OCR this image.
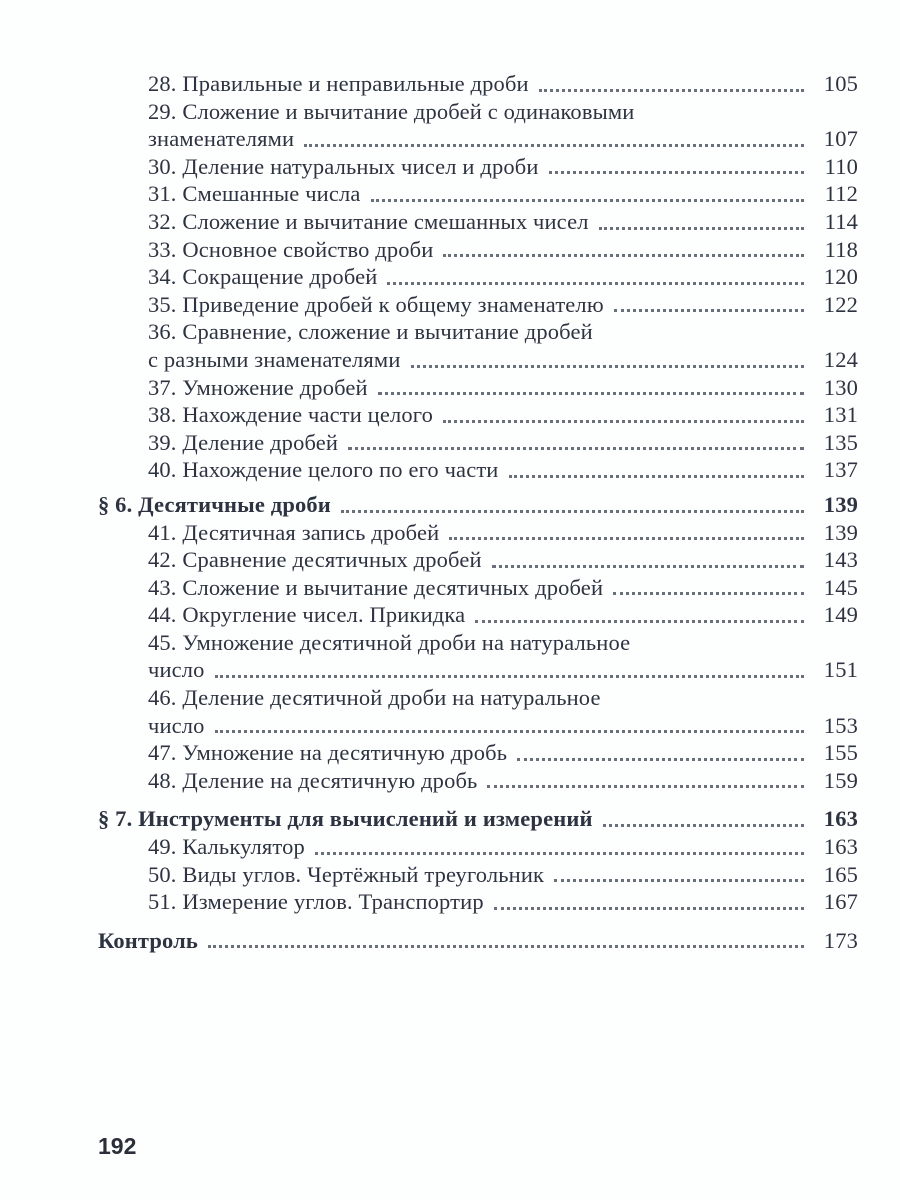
28. Правильные и неправильные дроби	105
29. Сложение и вычитание дробей с одинаковыми
знаменателями	107
30. Деление натуральных чисел и дроби	110
31. Смешанные числа	112
32. Сложение и вычитание смешанных чисел	114
33. Основное свойство дроби	118
34. Сокращение дробей	120
35. Приведение дробей к общему знаменателю	122
36. Сравнение, сложение и вычитание дробей
с разными знаменателями	124
37. Умножение дробей	130
38. Нахождение части целого	131
39. Деление дробей	135
40. Нахождение целого по его части	137
§ 6. Десятичные дроби	139
41. Десятичная запись дробей	139
42. Сравнение десятичных дробей	143
43. Сложение и вычитание десятичных дробей	145
44. Округление чисел. Прикидка	149
45. Умножение десятичной дроби на натуральное
число	151
46. Деление десятичной дроби на натуральное
число	153
47. Умножение на десятичную дробь	155
48. Деление на десятичную дробь	159
§ 7. Инструменты для вычислений и измерений	163
49. Калькулятор	163
50. Виды углов. Чертёжный треугольник	165
51. Измерение углов. Транспортир	167
Контроль	173
192
